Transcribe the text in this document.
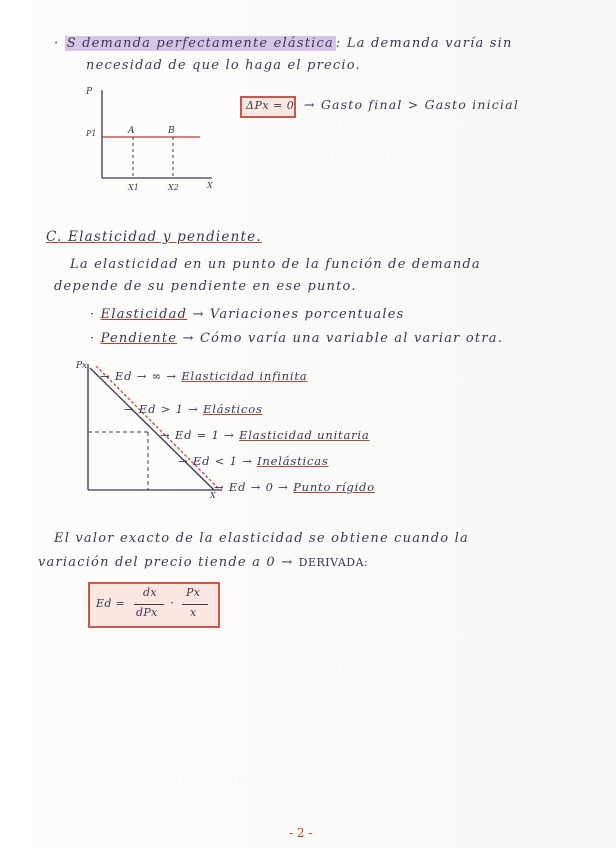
. . . . . . . . . . .
. . . . . . . . . . . . . .
· S demanda perfectamente elástica : La demanda varía sin
necesidad de que lo haga el precio.
P
P1	A	B
X1	X2	X
ΔPx = 0 → Gasto final > Gasto inicial
C. Elasticidad y pendiente.
La elasticidad en un punto de la función de demanda
depende de su pendiente en ese punto.
· Elasticidad → Variaciones porcentuales
· Pendiente → Cómo varía una variable al variar otra.
Px
X
→ Ed → ∞ → Elasticidad infinita
→ Ed > 1 → Elásticos
→ Ed = 1 → Elasticidad unitaria
→ Ed < 1 → Inelásticas
→ Ed → 0 → Punto rígido
El valor exacto de la elasticidad se obtiene cuando la
variación del precio tiende a 0 → DERIVADA:
Ed =
dx
dPx
·
Px
x
. . . . . . . . . . . . .
. . . . . . . . . . . . . . . .
- 2 -
